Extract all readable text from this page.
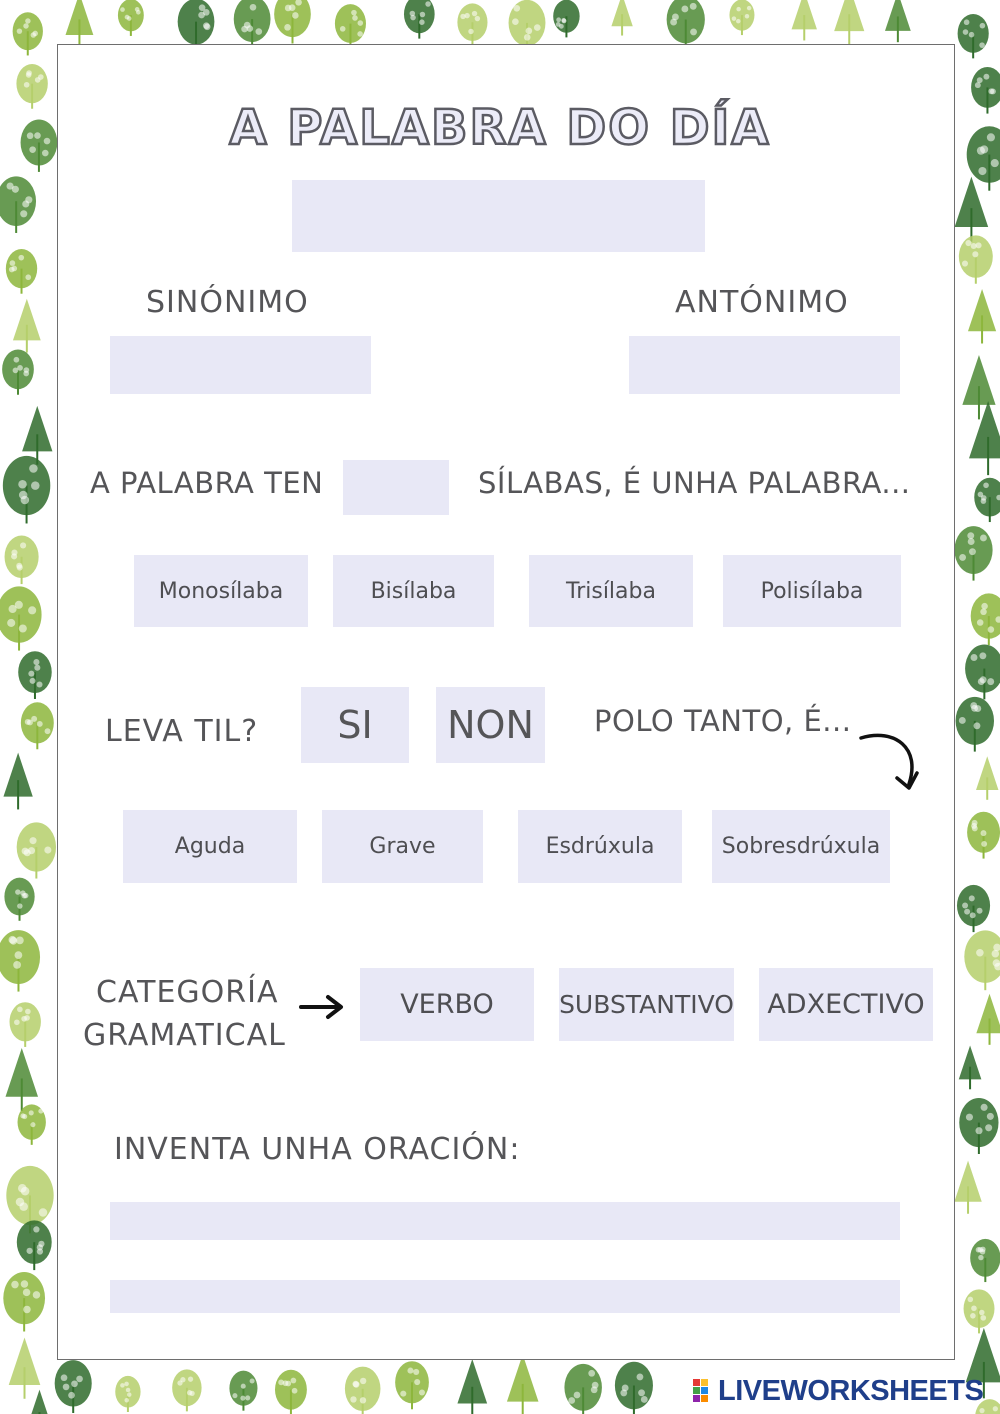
A PALABRA DO DÍA
SINÓNIMO	ANTÓNIMO
A PALABRA TEN	SÍLABAS, É UNHA PALABRA...
Monosílaba	Bisílaba	Trisílaba	Polisílaba
LEVA TIL?	SI	NON	POLO TANTO, É...
Aguda	Grave	Esdrúxula	Sobresdrúxula
CATEGORÍA
GRAMATICAL
VERBO	SUBSTANTIVO	ADXECTIVO
INVENTA UNHA ORACIÓN:
LIVEWORKSHEETS
